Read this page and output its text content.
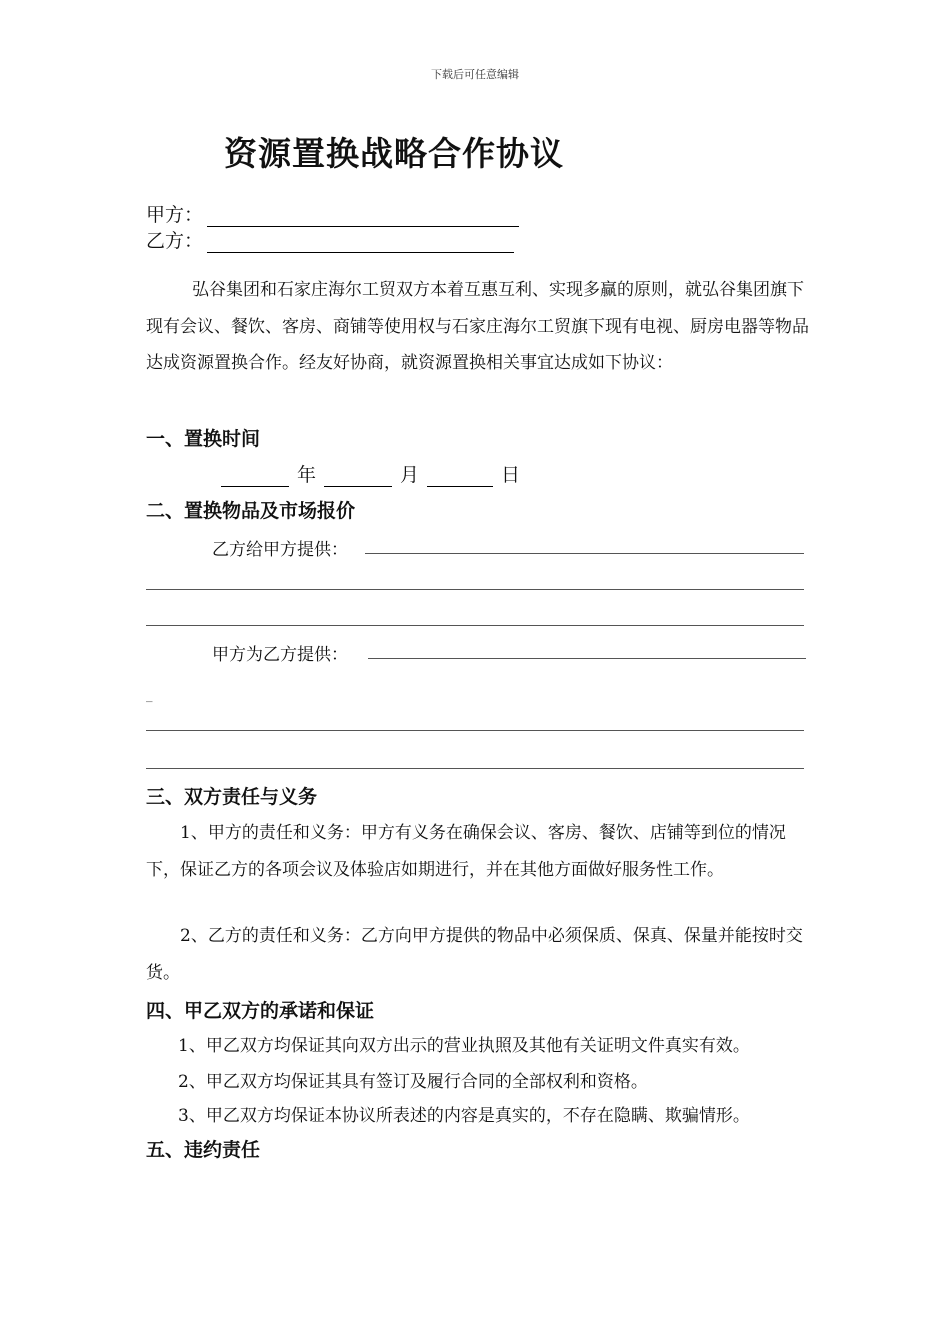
下载后可任意编辑
资源置换战略合作协议
甲方：
乙方：
弘谷集团和石家庄海尔工贸双方本着互惠互利、实现多赢的原则，就弘谷集团旗下现有会议、餐饮、客房、商铺等使用权与石家庄海尔工贸旗下现有电视、厨房电器等物品达成资源置换合作。经友好协商，就资源置换相关事宜达成如下协议：
一、置换时间
年	月	日
二、置换物品及市场报价
乙方给甲方提供：
甲方为乙方提供：
_
三、双方责任与义务
1、甲方的责任和义务：甲方有义务在确保会议、客房、餐饮、店铺等到位的情况下，保证乙方的各项会议及体验店如期进行，并在其他方面做好服务性工作。
2、乙方的责任和义务：乙方向甲方提供的物品中必须保质、保真、保量并能按时交货。
四、甲乙双方的承诺和保证
1、甲乙双方均保证其向双方出示的营业执照及其他有关证明文件真实有效。
2、甲乙双方均保证其具有签订及履行合同的全部权利和资格。
3、甲乙双方均保证本协议所表述的内容是真实的，不存在隐瞒、欺骗情形。
五、违约责任
